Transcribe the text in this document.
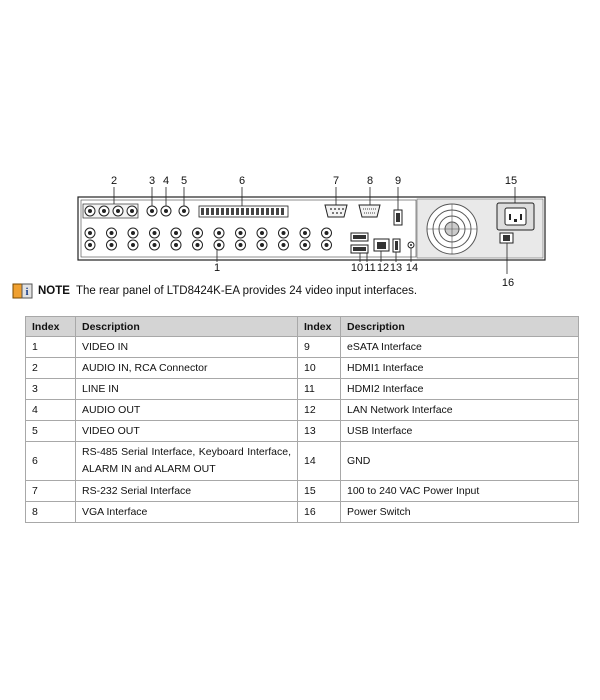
2	3 4 5	6	7	8 9	15
1	10 11 12 13 14
16
i NOTE The rear panel of LTD8424K-EA provides 24 video input interfaces.
Index	Description	Index	Description
1	VIDEO IN	9	eSATA Interface
2	AUDIO IN, RCA Connector	10	HDMI1 Interface
3	LINE IN	11	HDMI2 Interface
4	AUDIO OUT	12	LAN Network Interface
5	VIDEO OUT	13	USB Interface
6	RS-485 Serial Interface, Keyboard Interface, ALARM IN and ALARM OUT	14	GND
7	RS-232 Serial Interface	15	100 to 240 VAC Power Input
8	VGA Interface	16	Power Switch
